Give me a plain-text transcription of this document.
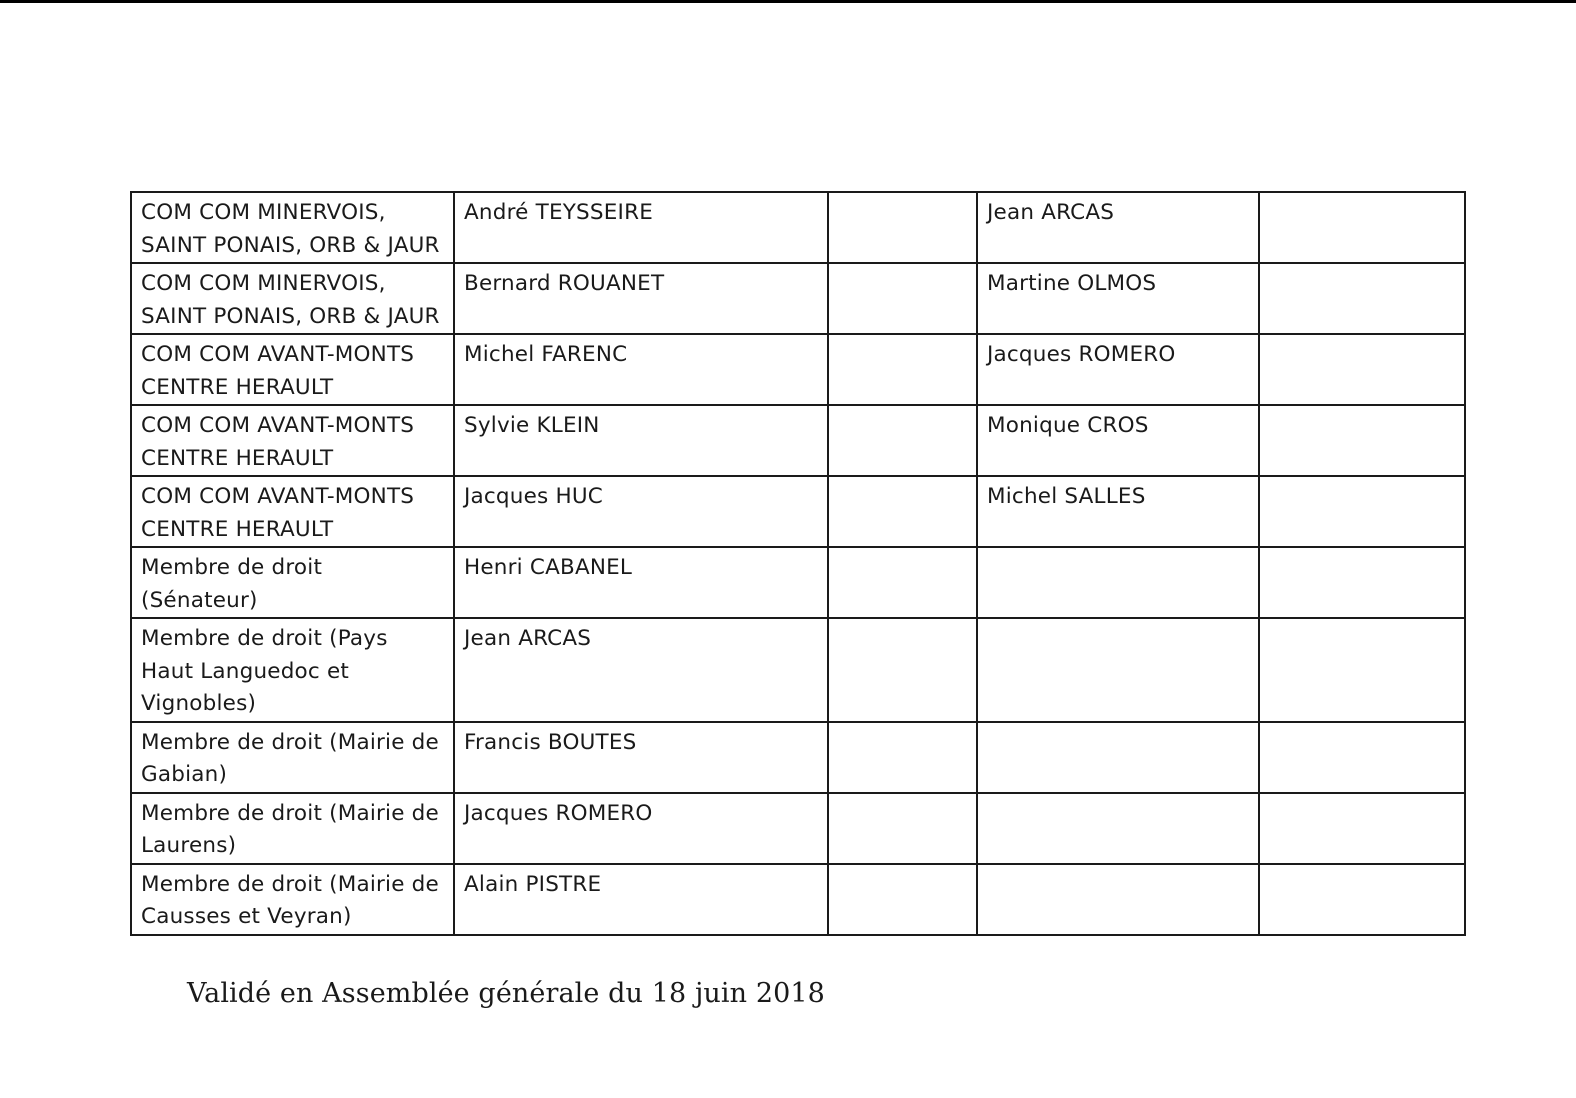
COM COM MINERVOIS, SAINT PONAIS, ORB & JAUR	André TEYSSEIRE		Jean ARCAS	
COM COM MINERVOIS, SAINT PONAIS, ORB & JAUR	Bernard ROUANET		Martine OLMOS	
COM COM AVANT-MONTS CENTRE HERAULT	Michel FARENC		Jacques ROMERO	
COM COM AVANT-MONTS CENTRE HERAULT	Sylvie KLEIN		Monique CROS	
COM COM AVANT-MONTS CENTRE HERAULT	Jacques HUC		Michel SALLES	
Membre de droit (Sénateur)	Henri CABANEL			
Membre de droit (Pays Haut Languedoc et Vignobles)	Jean ARCAS			
Membre de droit (Mairie de Gabian)	Francis BOUTES			
Membre de droit (Mairie de Laurens)	Jacques ROMERO			
Membre de droit (Mairie de Causses et Veyran)	Alain PISTRE			
Validé en Assemblée générale du 18 juin 2018
